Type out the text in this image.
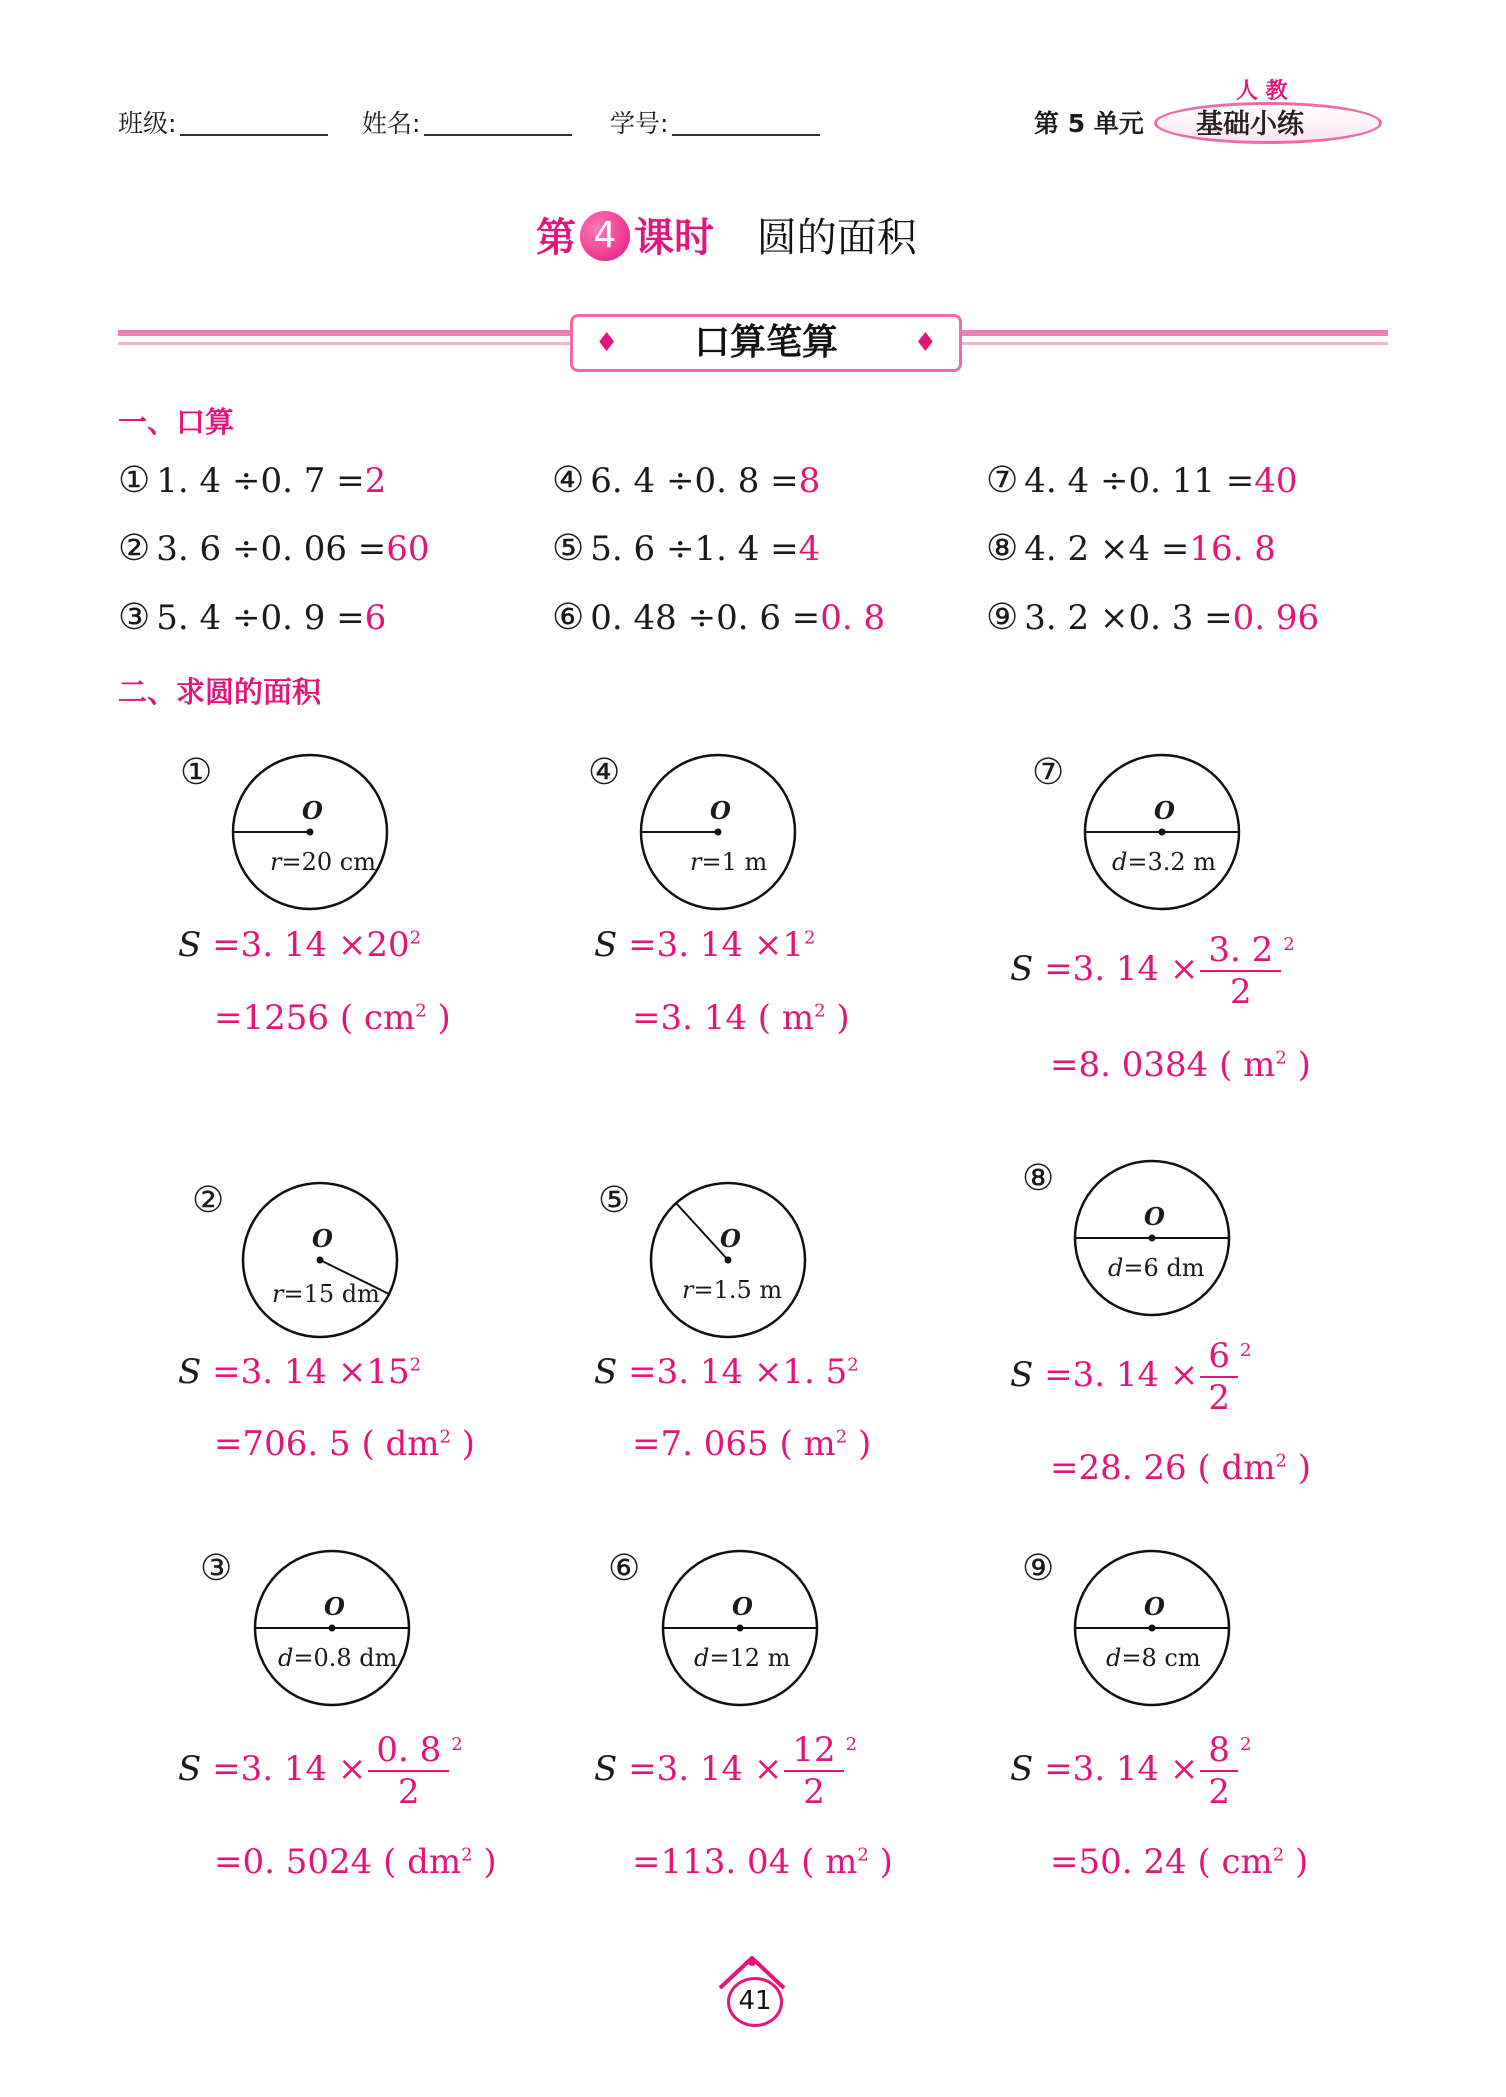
班级:	姓名:	学号:	第 5 单元
人 教
基础小练
第 4 课时 圆的面积
♦ 口算笔算	♦
一、口算
① 1. 4 ÷0. 7 =2
② 3. 6 ÷0. 06 =60
③ 5. 4 ÷0. 9 =6
④ 6. 4 ÷0. 8 =8
⑤ 5. 6 ÷1. 4 =4
⑥ 0. 48 ÷0. 6 =0. 8
⑦ 4. 4 ÷0. 11 =40
⑧ 4. 2 ×4 =16. 8
⑨ 3. 2 ×0. 3 =0. 96
二、求圆的面积
①
O
r=20 cm
S =3. $14 \times 20^2$
=1256 ( $cm^2$ )
④
O
r=1 m
S =3. $14 \times 1^2$
=3. 14 ( $m^2$ )
⑦
O
d=3.2 m
S =3. $14 \times \frac{3. 2}{2} ^2$
=8. 0384 ( $m^2$ )
②
O
r=15 dm
S =3. $14 \times 15^2$
=706. 5 ( $dm^2$ )
⑤
O
r=1.5 m
S =3. 14 ×1. $5^2$
=7. 065 ( $m^2$ )
⑧
O
d=6 dm
S =3. $14 \times \frac{6}{2} ^2$
=28. 26 ( $dm^2$ )
③
O
d=0.8 dm
S =3. $14 \times \frac{0. 8}{2} ^2$
=0. 5024 ( $dm^2$ )
⑥
O
d=12 m
S =3. $14 \times \frac{12}{2} ^2$
=113. 04 ( $m^2$ )
⑨
O
d=8 cm
S =3. $14 \times \frac{8}{2} ^2$
=50. 24 ( $cm^2$ )
41
